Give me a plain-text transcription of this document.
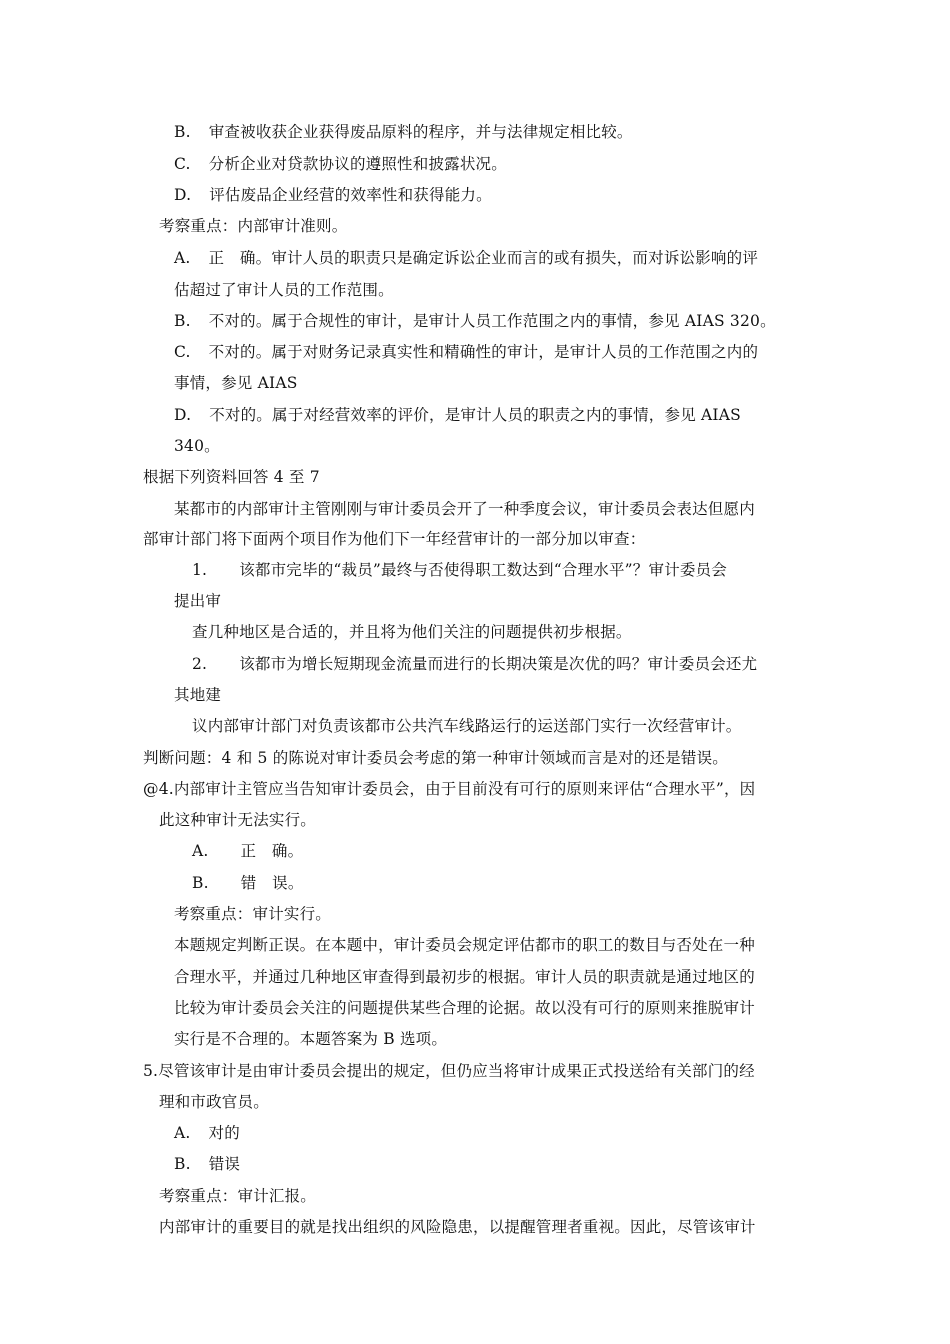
B. 审查被收获企业获得废品原料的程序，并与法律规定相比较。
C. 分析企业对贷款协议的遵照性和披露状况。
D. 评估废品企业经营的效率性和获得能力。
考察重点：内部审计准则。
A. 正　确。审计人员的职责只是确定诉讼企业而言的或有损失，而对诉讼影响的评
估超过了审计人员的工作范围。
B. 不对的。属于合规性的审计，是审计人员工作范围之内的事情，参见 AIAS 320。
C. 不对的。属于对财务记录真实性和精确性的审计，是审计人员的工作范围之内的
事情，参见 AIAS
D. 不对的。属于对经营效率的评价，是审计人员的职责之内的事情，参见 AIAS
340。
根据下列资料回答 4 至 7
某都市的内部审计主管刚刚与审计委员会开了一种季度会议，审计委员会表达但愿内
部审计部门将下面两个项目作为他们下一年经营审计的一部分加以审查：
1. 该都市完毕的“裁员”最终与否使得职工数达到“合理水平”？审计委员会
提出审
查几种地区是合适的，并且将为他们关注的问题提供初步根据。
2. 该都市为增长短期现金流量而进行的长期决策是次优的吗？审计委员会还尤
其地建
议内部审计部门对负责该都市公共汽车线路运行的运送部门实行一次经营审计。
判断问题：4 和 5 的陈说对审计委员会考虑的第一种审计领域而言是对的还是错误。
@4.内部审计主管应当告知审计委员会，由于目前没有可行的原则来评估“合理水平”，因
此这种审计无法实行。
A. 正　确。
B. 错　误。
考察重点：审计实行。
本题规定判断正误。在本题中，审计委员会规定评估都市的职工的数目与否处在一种
合理水平，并通过几种地区审查得到最初步的根据。审计人员的职责就是通过地区的
比较为审计委员会关注的问题提供某些合理的论据。故以没有可行的原则来推脱审计
实行是不合理的。本题答案为 B 选项。
5.尽管该审计是由审计委员会提出的规定，但仍应当将审计成果正式投送给有关部门的经
理和市政官员。
A. 对的
B. 错误
考察重点：审计汇报。
内部审计的重要目的就是找出组织的风险隐患，以提醒管理者重视。因此，尽管该审计
